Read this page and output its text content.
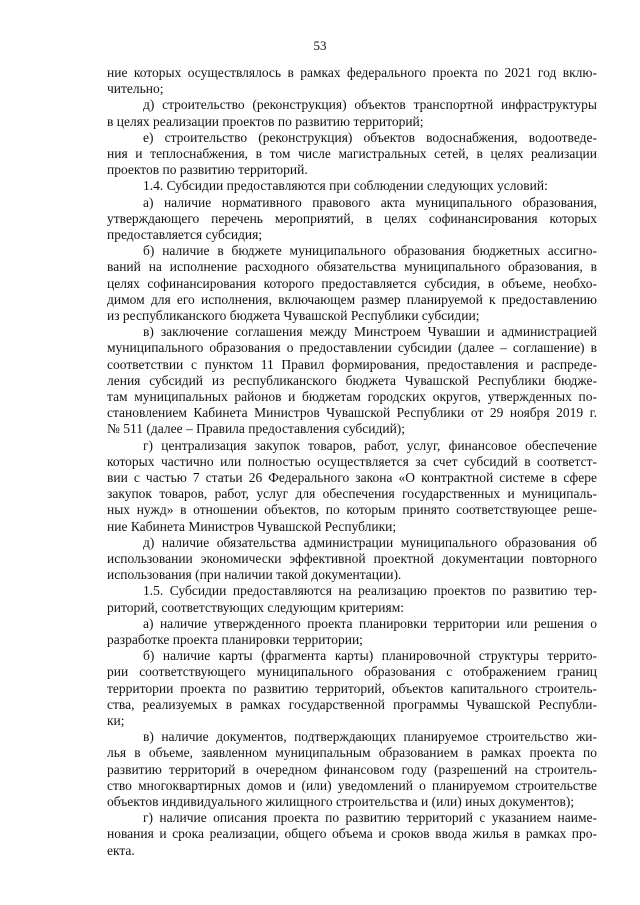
53
ние которых осуществлялось в рамках федерального проекта по 2021 год вклю-
чительно;
д) строительство (реконструкция) объектов транспортной инфраструктуры
в целях реализации проектов по развитию территорий;
е) строительство (реконструкция) объектов водоснабжения, водоотведе-
ния и теплоснабжения, в том числе магистральных сетей, в целях реализации
проектов по развитию территорий.
1.4. Субсидии предоставляются при соблюдении следующих условий:
а) наличие нормативного правового акта муниципального образования,
утверждающего перечень мероприятий, в целях софинансирования которых
предоставляется субсидия;
б) наличие в бюджете муниципального образования бюджетных ассигно-
ваний на исполнение расходного обязательства муниципального образования, в
целях софинансирования которого предоставляется субсидия, в объеме, необхо-
димом для его исполнения, включающем размер планируемой к предоставлению
из республиканского бюджета Чувашской Республики субсидии;
в) заключение соглашения между Минстроем Чувашии и администрацией
муниципального образования о предоставлении субсидии (далее – соглашение) в
соответствии с пунктом 11 Правил формирования, предоставления и распреде-
ления субсидий из республиканского бюджета Чувашской Республики бюдже-
там муниципальных районов и бюджетам городских округов, утвержденных по-
становлением Кабинета Министров Чувашской Республики от 29 ноября 2019 г.
№ 511 (далее – Правила предоставления субсидий);
г) централизация закупок товаров, работ, услуг, финансовое обеспечение
которых частично или полностью осуществляется за счет субсидий в соответст-
вии с частью 7 статьи 26 Федерального закона «О контрактной системе в сфере
закупок товаров, работ, услуг для обеспечения государственных и муниципаль-
ных нужд» в отношении объектов, по которым принято соответствующее реше-
ние Кабинета Министров Чувашской Республики;
д) наличие обязательства администрации муниципального образования об
использовании экономически эффективной проектной документации повторного
использования (при наличии такой документации).
1.5. Субсидии предоставляются на реализацию проектов по развитию тер-
риторий, соответствующих следующим критериям:
а) наличие утвержденного проекта планировки территории или решения о
разработке проекта планировки территории;
б) наличие карты (фрагмента карты) планировочной структуры террито-
рии соответствующего муниципального образования с отображением границ
территории проекта по развитию территорий, объектов капитального строитель-
ства, реализуемых в рамках государственной программы Чувашской Республи-
ки;
в) наличие документов, подтверждающих планируемое строительство жи-
лья в объеме, заявленном муниципальным образованием в рамках проекта по
развитию территорий в очередном финансовом году (разрешений на строитель-
ство многоквартирных домов и (или) уведомлений о планируемом строительстве
объектов индивидуального жилищного строительства и (или) иных документов);
г) наличие описания проекта по развитию территорий с указанием наиме-
нования и срока реализации, общего объема и сроков ввода жилья в рамках про-
екта.
